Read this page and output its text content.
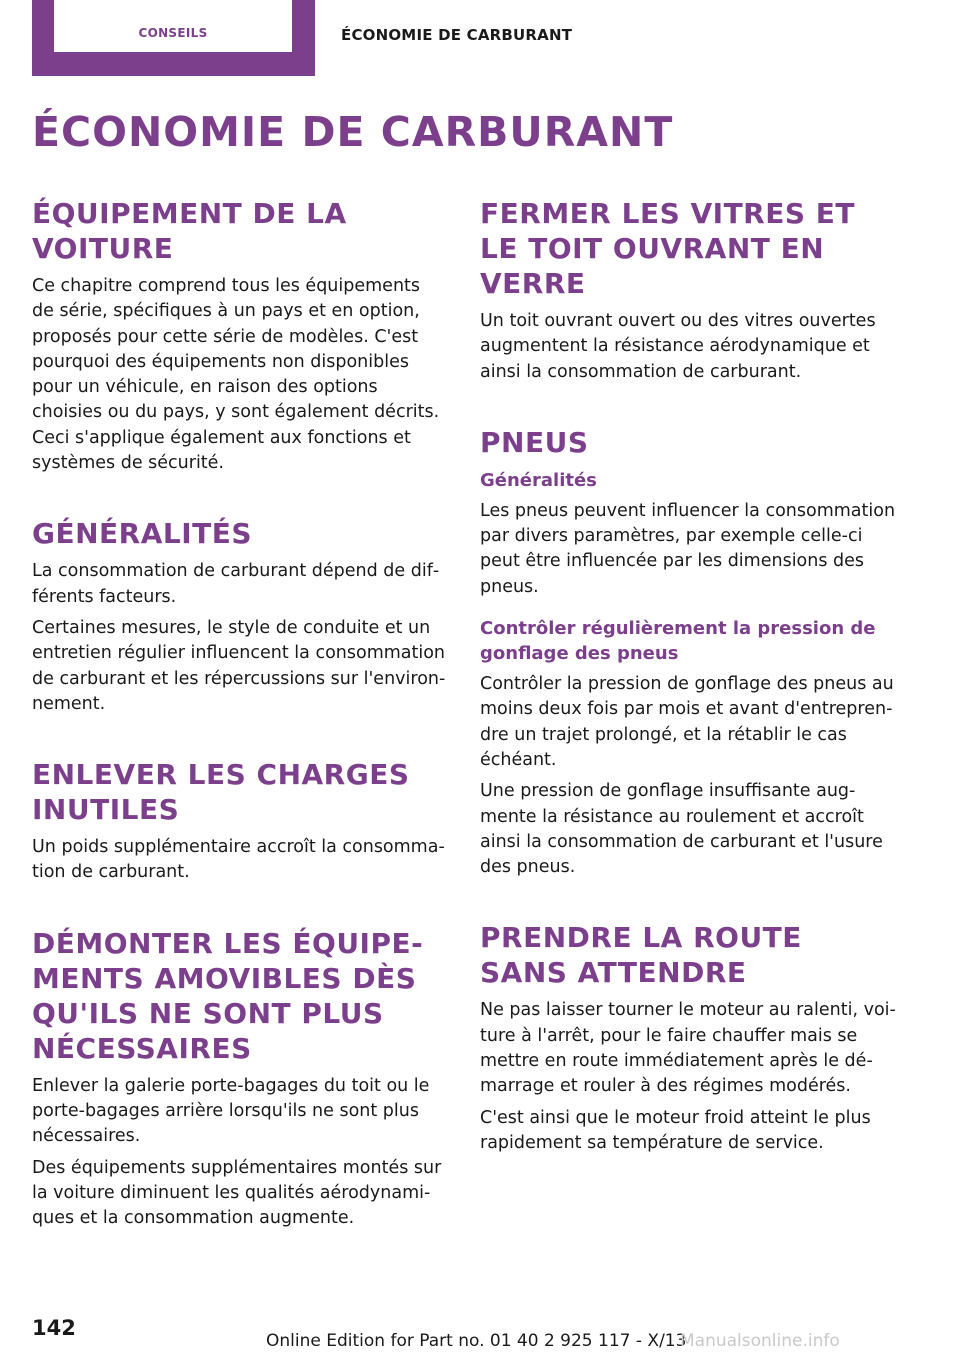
conseils	ÉCONOMIE DE CARBURANT
ÉCONOMIE DE CARBURANT
ÉQUIPEMENT DE LA VOITURE

Ce chapitre comprend tous les équipements de série, spécifiques à un pays et en option, proposés pour cette série de modèles. C'est pourquoi des équipements non disponibles pour un véhicule, en raison des options choisies ou du pays, y sont également décrits. Ceci s'applique également aux fonctions et systèmes de sécurité.

GÉNÉRALITÉS

La consommation de carburant dépend de différents facteurs.

Certaines mesures, le style de conduite et un entretien régulier influencent la consommation de carburant et les répercussions sur l'environnement.

ENLEVER LES CHARGES INUTILES

Un poids supplémentaire accroît la consommation de carburant.

DÉMONTER LES ÉQUIPEMENTS AMOVIBLES DÈS QU'ILS NE SONT PLUS NÉCESSAIRES

Enlever la galerie porte-bagages du toit ou le porte-bagages arrière lorsqu'ils ne sont plus nécessaires.

Des équipements supplémentaires montés sur la voiture diminuent les qualités aérodynamiques et la consommation augmente.

FERMER LES VITRES ET LE TOIT OUVRANT EN VERRE

Un toit ouvrant ouvert ou des vitres ouvertes augmentent la résistance aérodynamique et ainsi la consommation de carburant.

PNEUS
Généralités

Les pneus peuvent influencer la consommation par divers paramètres, par exemple celle-ci peut être influencée par les dimensions des pneus.

Contrôler régulièrement la pression de gonflage des pneus

Contrôler la pression de gonflage des pneus au moins deux fois par mois et avant d'entreprendre un trajet prolongé, et la rétablir le cas échéant.

Une pression de gonflage insuffisante augmente la résistance au roulement et accroît ainsi la consommation de carburant et l'usure des pneus.

PRENDRE LA ROUTE SANS ATTENDRE

Ne pas laisser tourner le moteur au ralenti, voiture à l'arrêt, pour le faire chauffer mais se mettre en route immédiatement après le démarrage et rouler à des régimes modérés.

C'est ainsi que le moteur froid atteint le plus rapidement sa température de service.

142
Online Edition for Part no. 01 40 2 925 117 - X/13
Manualsonline.info
